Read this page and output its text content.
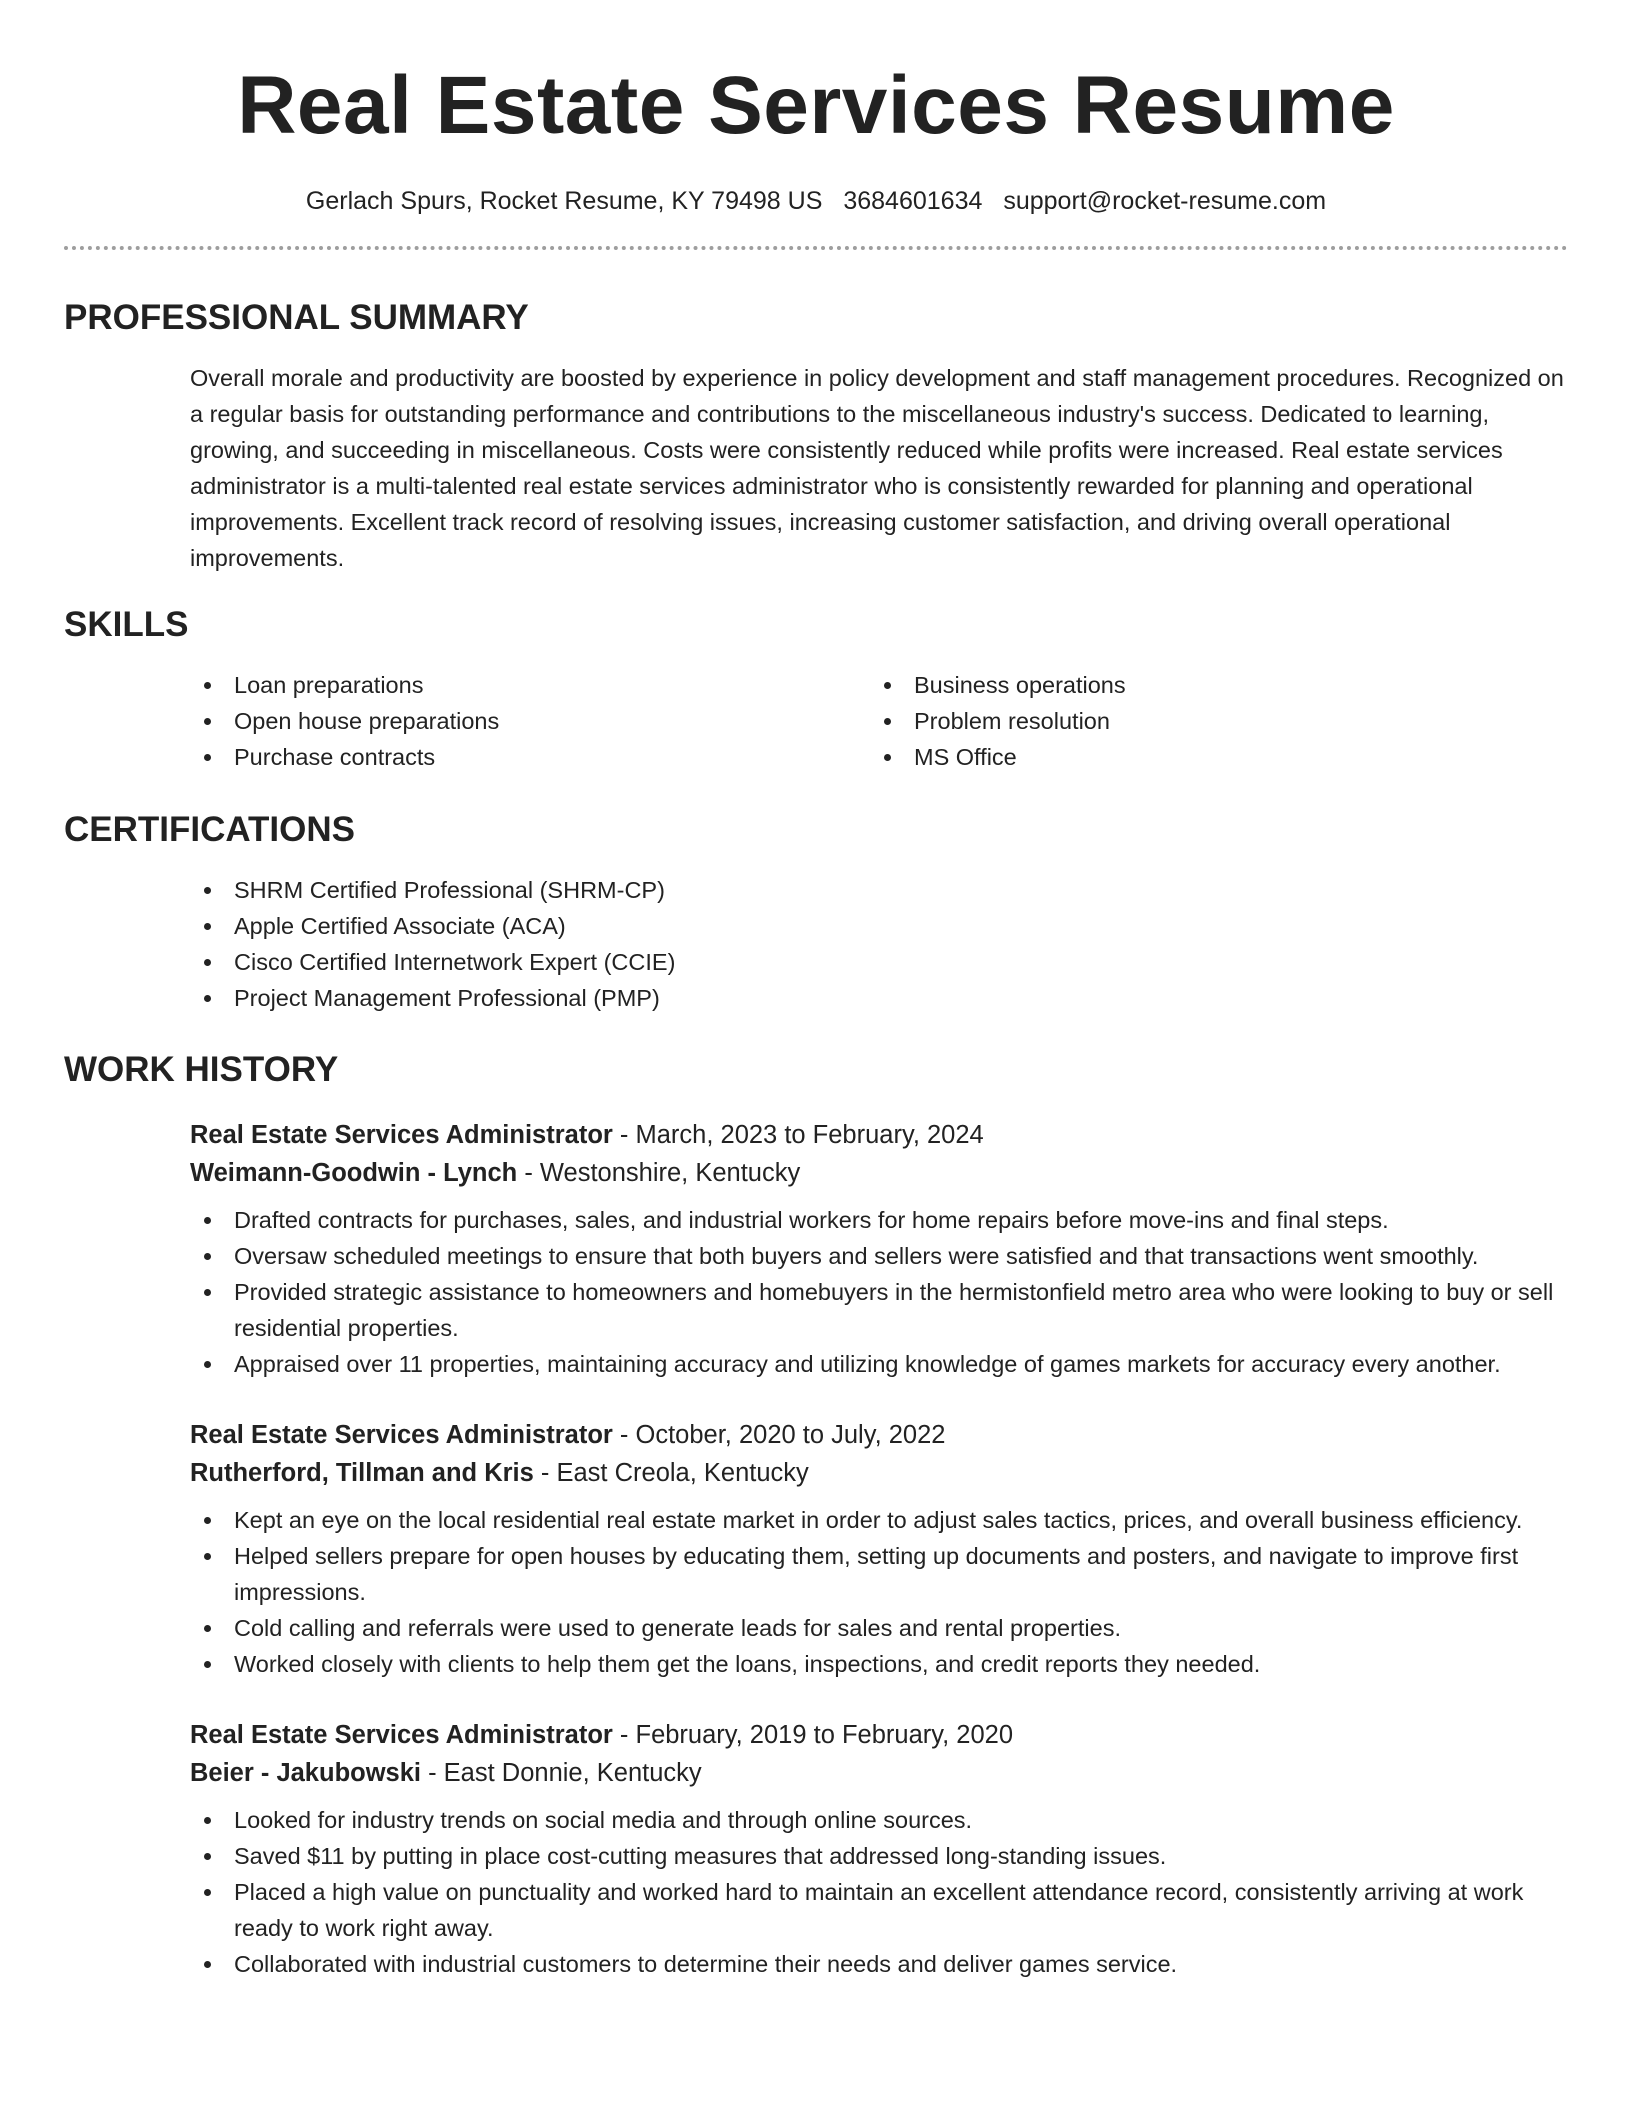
Real Estate Services Resume
Gerlach Spurs, Rocket Resume, KY 79498 US 3684601634 support@rocket-resume.com
PROFESSIONAL SUMMARY

Overall morale and productivity are boosted by experience in policy development and staff management procedures. Recognized on a regular basis for outstanding performance and contributions to the miscellaneous industry's success. Dedicated to learning, growing, and succeeding in miscellaneous. Costs were consistently reduced while profits were increased. Real estate services administrator is a multi-talented real estate services administrator who is consistently rewarded for planning and operational improvements. Excellent track record of resolving issues, increasing customer satisfaction, and driving overall operational improvements.

SKILLS
Loan preparations
Open house preparations
Purchase contracts
Business operations
Problem resolution
MS Office
CERTIFICATIONS
SHRM Certified Professional (SHRM-CP)
Apple Certified Associate (ACA)
Cisco Certified Internetwork Expert (CCIE)
Project Management Professional (PMP)
WORK HISTORY
Real Estate Services Administrator - March, 2023 to February, 2024
Weimann-Goodwin - Lynch - Westonshire, Kentucky
Drafted contracts for purchases, sales, and industrial workers for home repairs before move-ins and final steps.
Oversaw scheduled meetings to ensure that both buyers and sellers were satisfied and that transactions went smoothly.
Provided strategic assistance to homeowners and homebuyers in the hermistonfield metro area who were looking to buy or sell residential properties.
Appraised over 11 properties, maintaining accuracy and utilizing knowledge of games markets for accuracy every another.
Real Estate Services Administrator - October, 2020 to July, 2022
Rutherford, Tillman and Kris - East Creola, Kentucky
Kept an eye on the local residential real estate market in order to adjust sales tactics, prices, and overall business efficiency.
Helped sellers prepare for open houses by educating them, setting up documents and posters, and navigate to improve first impressions.
Cold calling and referrals were used to generate leads for sales and rental properties.
Worked closely with clients to help them get the loans, inspections, and credit reports they needed.
Real Estate Services Administrator - February, 2019 to February, 2020
Beier - Jakubowski - East Donnie, Kentucky
Looked for industry trends on social media and through online sources.
Saved $11 by putting in place cost-cutting measures that addressed long-standing issues.
Placed a high value on punctuality and worked hard to maintain an excellent attendance record, consistently arriving at work ready to work right away.
Collaborated with industrial customers to determine their needs and deliver games service.
